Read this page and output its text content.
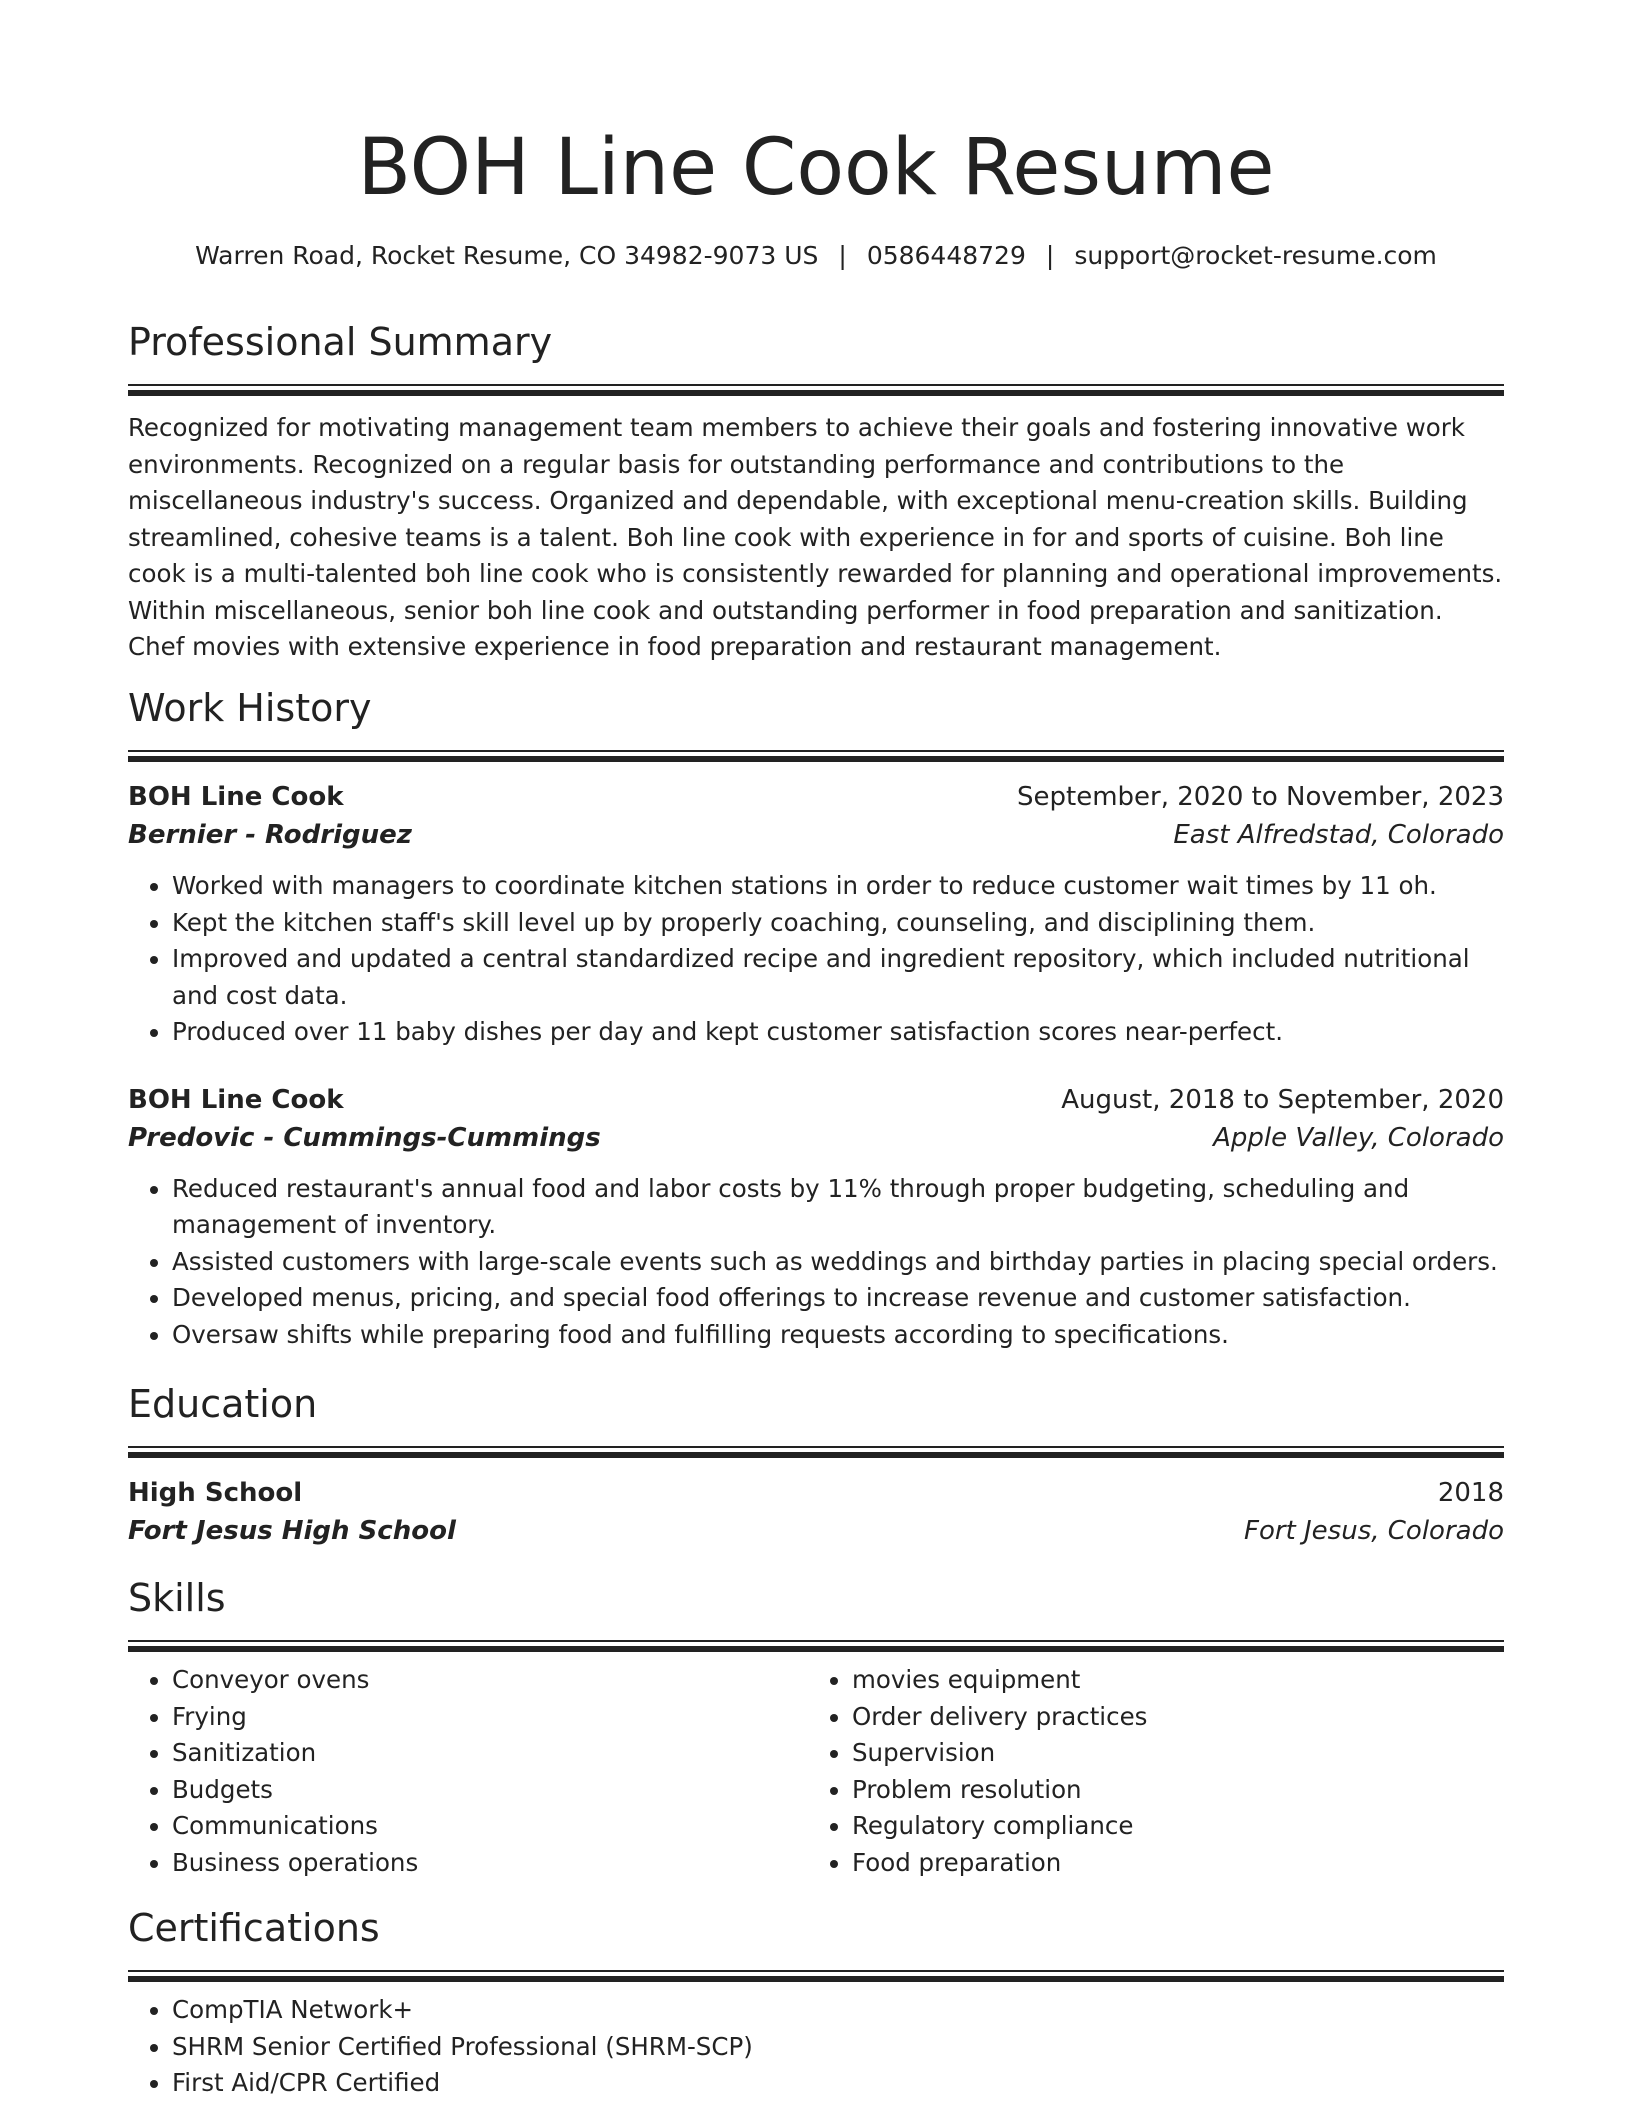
BOH Line Cook Resume
Warren Road, Rocket Resume, CO 34982-9073 US | 0586448729 | support@rocket-resume.com
Professional Summary
Recognized for motivating management team members to achieve their goals and fostering innovative work environments. Recognized on a regular basis for outstanding performance and contributions to the miscellaneous industry's success. Organized and dependable, with exceptional menu-creation skills. Building streamlined, cohesive teams is a talent. Boh line cook with experience in for and sports of cuisine. Boh line cook is a multi-talented boh line cook who is consistently rewarded for planning and operational improvements. Within miscellaneous, senior boh line cook and outstanding performer in food preparation and sanitization. Chef movies with extensive experience in food preparation and restaurant management.
Work History
BOH Line Cook	September, 2020 to November, 2023
Bernier - Rodriguez	East Alfredstad, Colorado
• Worked with managers to coordinate kitchen stations in order to reduce customer wait times by 11 oh.
• Kept the kitchen staff's skill level up by properly coaching, counseling, and disciplining them.
• Improved and updated a central standardized recipe and ingredient repository, which included nutritional and cost data.
• Produced over 11 baby dishes per day and kept customer satisfaction scores near-perfect.
BOH Line Cook	August, 2018 to September, 2020
Predovic - Cummings-Cummings	Apple Valley, Colorado
• Reduced restaurant's annual food and labor costs by 11% through proper budgeting, scheduling and management of inventory.
• Assisted customers with large-scale events such as weddings and birthday parties in placing special orders.
• Developed menus, pricing, and special food offerings to increase revenue and customer satisfaction.
• Oversaw shifts while preparing food and fulfilling requests according to specifications.
Education
High School	2018
Fort Jesus High School	Fort Jesus, Colorado
Skills
• Conveyor ovens
• Frying
• Sanitization
• Budgets
• Communications
• Business operations
• movies equipment
• Order delivery practices
• Supervision
• Problem resolution
• Regulatory compliance
• Food preparation
Certifications
• CompTIA Network+
• SHRM Senior Certified Professional (SHRM-SCP)
• First Aid/CPR Certified
